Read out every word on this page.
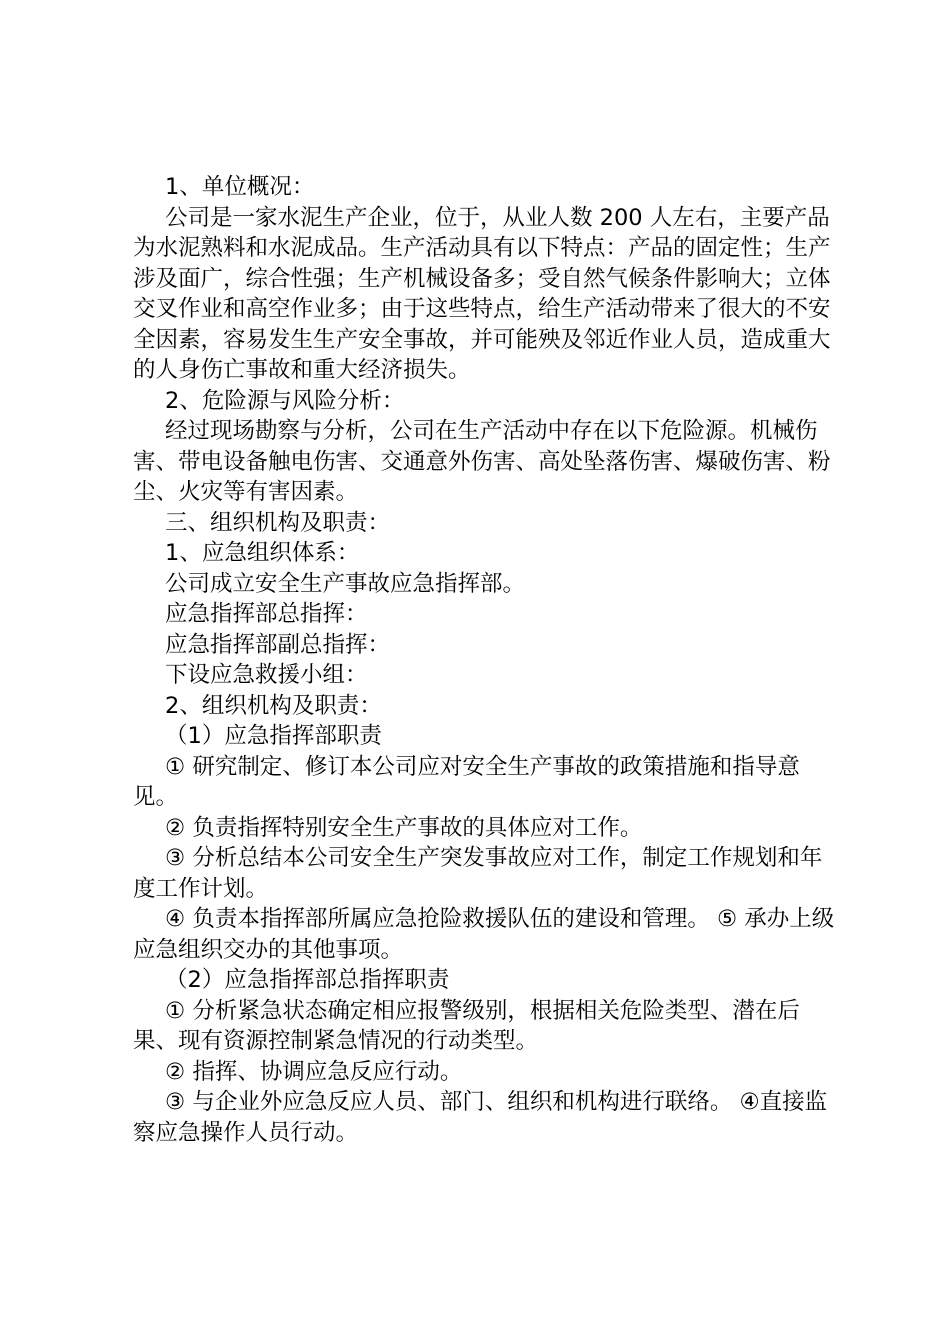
1、单位概况：

公司是一家水泥生产企业，位于，从业人数 200 人左右，主要产品为水泥熟料和水泥成品。生产活动具有以下特点：产品的固定性；生产涉及面广，综合性强；生产机械设备多；受自然气候条件影响大；立体交叉作业和高空作业多；由于这些特点，给生产活动带来了很大的不安全因素，容易发生生产安全事故，并可能殃及邻近作业人员，造成重大的人身伤亡事故和重大经济损失。

2、危险源与风险分析：

经过现场勘察与分析，公司在生产活动中存在以下危险源。机械伤害、带电设备触电伤害、交通意外伤害、高处坠落伤害、爆破伤害、粉尘、火灾等有害因素。

三、组织机构及职责：

1、应急组织体系：

公司成立安全生产事故应急指挥部。

应急指挥部总指挥：

应急指挥部副总指挥：

下设应急救援小组：

2、组织机构及职责：

（1）应急指挥部职责

① 研究制定、修订本公司应对安全生产事故的政策措施和指导意见。

② 负责指挥特别安全生产事故的具体应对工作。

③ 分析总结本公司安全生产突发事故应对工作，制定工作规划和年度工作计划。

④ 负责本指挥部所属应急抢险救援队伍的建设和管理。 ⑤ 承办上级应急组织交办的其他事项。

（2）应急指挥部总指挥职责

① 分析紧急状态确定相应报警级别，根据相关危险类型、潜在后果、现有资源控制紧急情况的行动类型。

② 指挥、协调应急反应行动。

③ 与企业外应急反应人员、部门、组织和机构进行联络。 ④直接监察应急操作人员行动。
